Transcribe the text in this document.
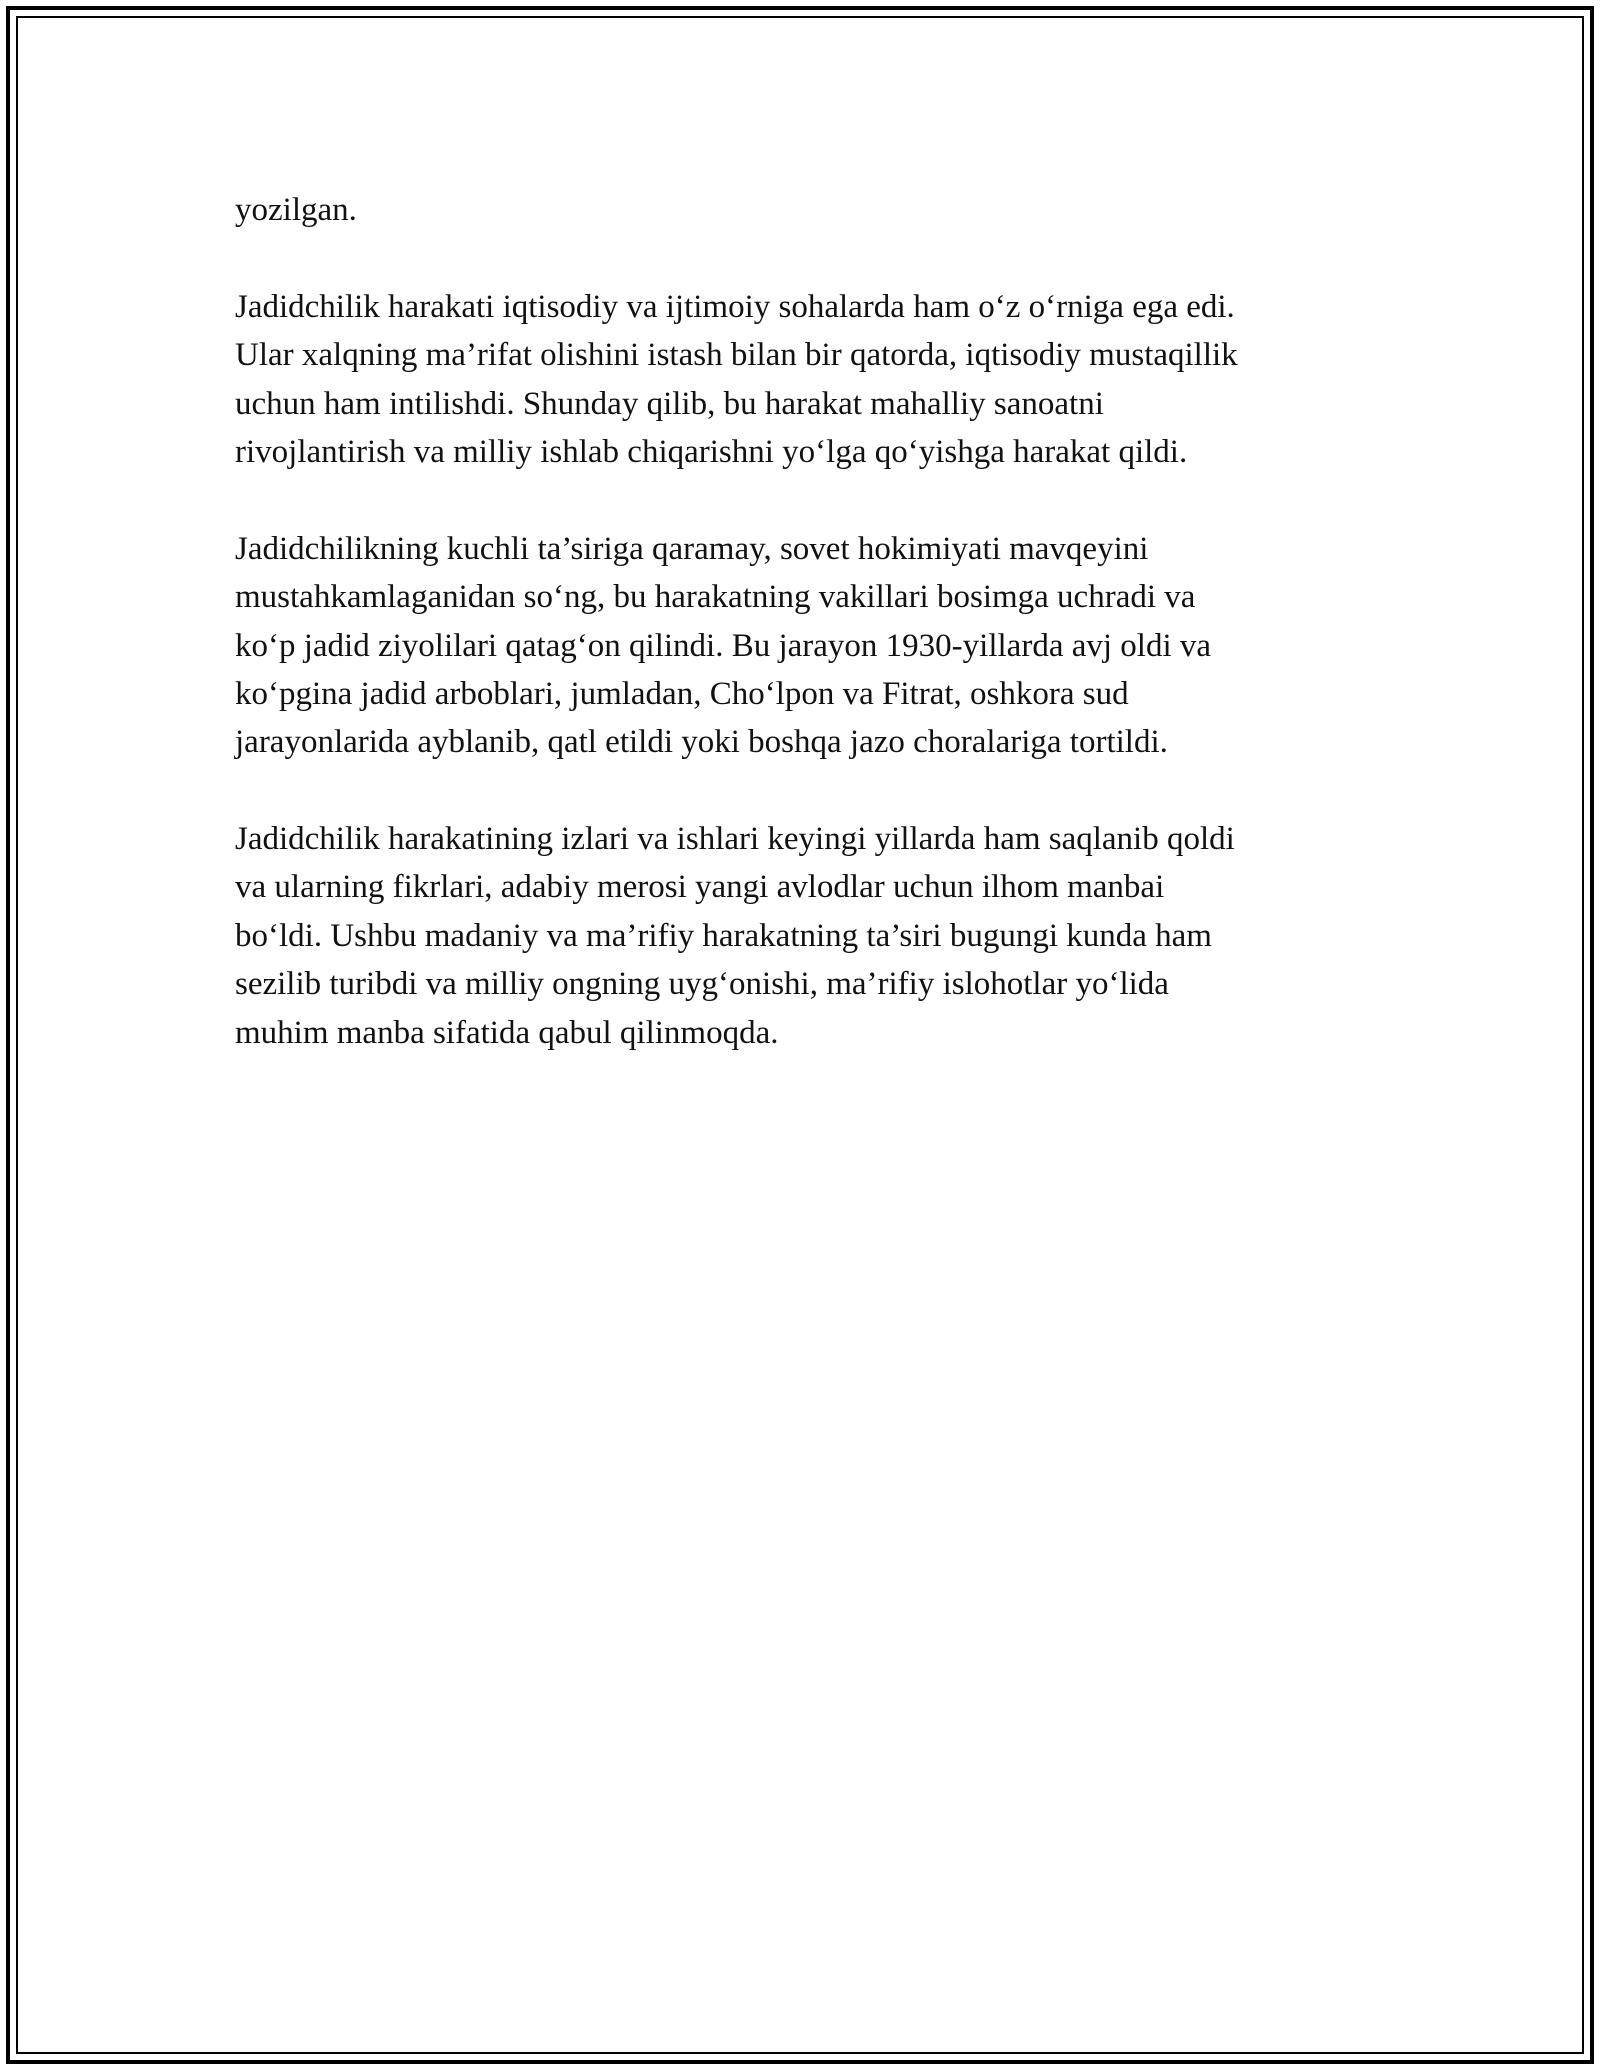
yozilgan.
Jadidchilik harakati iqtisodiy va ijtimoiy sohalarda ham o‘z o‘rniga ega edi.
Ular xalqning ma’rifat olishini istash bilan bir qatorda, iqtisodiy mustaqillik
uchun ham intilishdi. Shunday qilib, bu harakat mahalliy sanoatni
rivojlantirish va milliy ishlab chiqarishni yo‘lga qo‘yishga harakat qildi.
Jadidchilikning kuchli ta’siriga qaramay, sovet hokimiyati mavqeyini
mustahkamlaganidan so‘ng, bu harakatning vakillari bosimga uchradi va
ko‘p jadid ziyolilari qatag‘on qilindi. Bu jarayon 1930-yillarda avj oldi va
ko‘pgina jadid arboblari, jumladan, Cho‘lpon va Fitrat, oshkora sud
jarayonlarida ayblanib, qatl etildi yoki boshqa jazo choralariga tortildi.
Jadidchilik harakatining izlari va ishlari keyingi yillarda ham saqlanib qoldi
va ularning fikrlari, adabiy merosi yangi avlodlar uchun ilhom manbai
bo‘ldi. Ushbu madaniy va ma’rifiy harakatning ta’siri bugungi kunda ham
sezilib turibdi va milliy ongning uyg‘onishi, ma’rifiy islohotlar yo‘lida
muhim manba sifatida qabul qilinmoqda.
